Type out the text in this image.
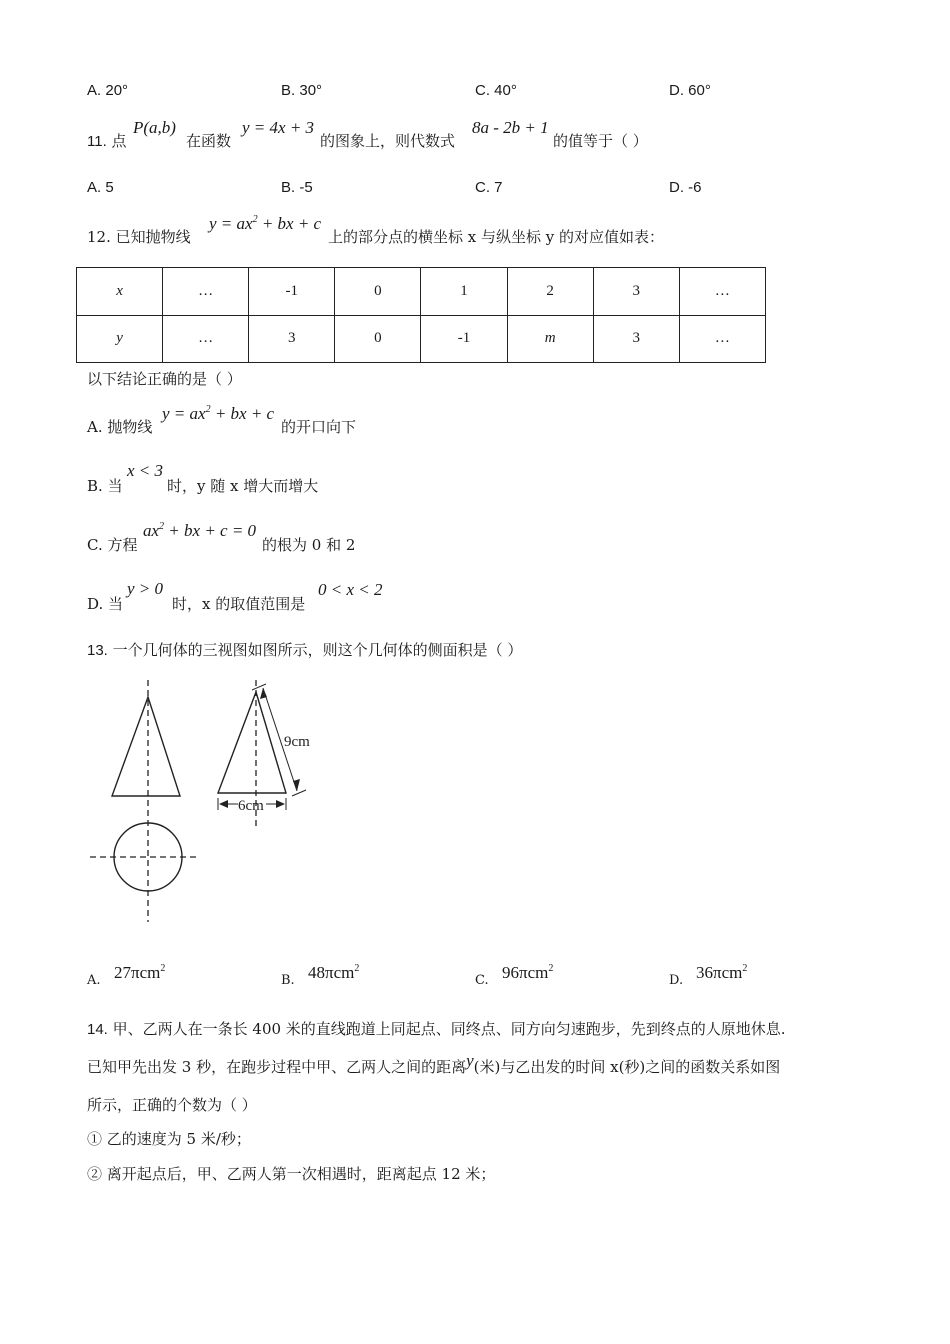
A. 20°	B. 30°	C. 40°	D. 60°
11. 点
P(a,b)
在函数
y = 4x + 3
的图象上，则代数式
8a - 2b + 1
的值等于（ ）
A. 5	B. -5	C. 7	D. -6
12. 已知抛物线
$y = ax^2$ + bx + c
上的部分点的横坐标 x 与纵坐标 y 的对应值如表：
x	…	-1	0	1	2	3	…
y	…	3	0	-1	m	3	…
以下结论正确的是（ ）
A. 抛物线
$y = ax^2$ + bx + c
的开口向下
B. 当
x < 3
时，y 随 x 增大而增大
C. 方程
$ax^2$ + bx + c = 0
的根为 0 和 2
D. 当
y > 0
时，x 的取值范围是
0 < x < 2
13. 一个几何体的三视图如图所示，则这个几何体的侧面积是（ ）
9cm
6cm
A. 27πcm$^2$
B. 48πcm$^2$
C. 96πcm$^2$
D. 36πcm$^2$
14. 甲、乙两人在一条长 400 米的直线跑道上同起点、同终点、同方向匀速跑步，先到终点的人原地休息.
已知甲先出发 3 秒，在跑步过程中甲、乙两人之间的距离y(米)与乙出发的时间 x(秒)之间的函数关系如图
所示，正确的个数为（ ）
① 乙的速度为 5 米/秒；
② 离开起点后，甲、乙两人第一次相遇时，距离起点 12 米；
